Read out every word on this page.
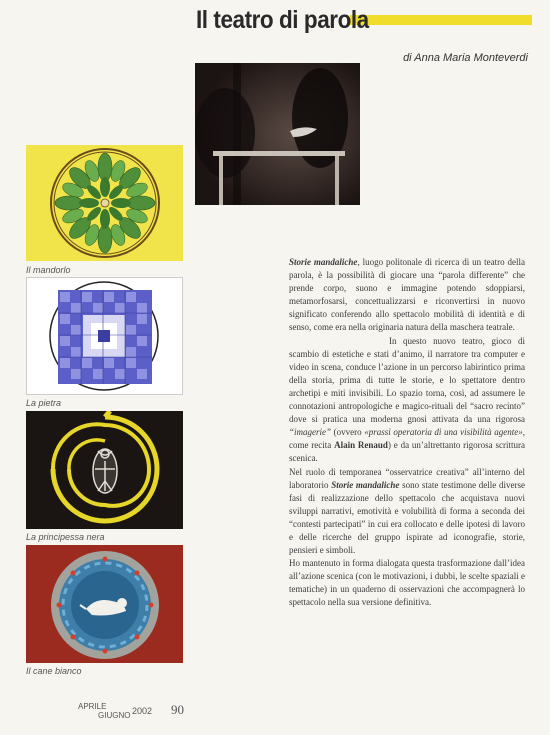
Il teatro di parola
di Anna Maria Monteverdi
Il mandorlo
La pietra
La principessa nera
Il cane bianco

Storie mandaliche, luogo politonale di ricerca di un teatro della parola, è la possibilità di giocare una “parola differente” che prende corpo, suono e immagine potendo sdoppiarsi, metamorfosarsi, concettualizzarsi e riconvertirsi in nuovo significato conferendo allo spettacolo mobilità di identità e di senso, come era nella originaria natura della maschera teatrale.

In questo nuovo teatro, gioco di scambio di estetiche e stati d’animo, il narratore tra computer e video in scena, conduce l’azione in un percorso labirintico prima della storia, prima di tutte le storie, e lo spettatore dentro archetipi e miti invisibili. Lo spazio torna, così, ad assumere le connotazioni antropologiche e magico-rituali del “sacro recinto” dove si pratica una moderna gnosi attivata da una rigorosa “imagerie” (ovvero «prassi operatoria di una visibilità agente», come recita Alain Renaud) e da un’altrettanto rigorosa scrittura scenica.

Nel ruolo di temporanea “osservatrice creativa” all’interno del laboratorio Storie mandaliche sono state testimone delle diverse fasi di realizzazione dello spettacolo che acquistava nuovi sviluppi narrativi, emotività e volubilità di forma a seconda dei “contesti partecipati” in cui era collocato e delle ipotesi di lavoro e delle ricerche del gruppo ispirate ad iconografie, storie, pensieri e simboli.

Ho mantenuto in forma dialogata questa trasformazione dall’idea all’azione scenica (con le motivazioni, i dubbi, le scelte spaziali e tematiche) in un quaderno di osservazioni che accompagnerà lo spettacolo nella sua versione definitiva.

APRILE
GIUGNO 2002 90
